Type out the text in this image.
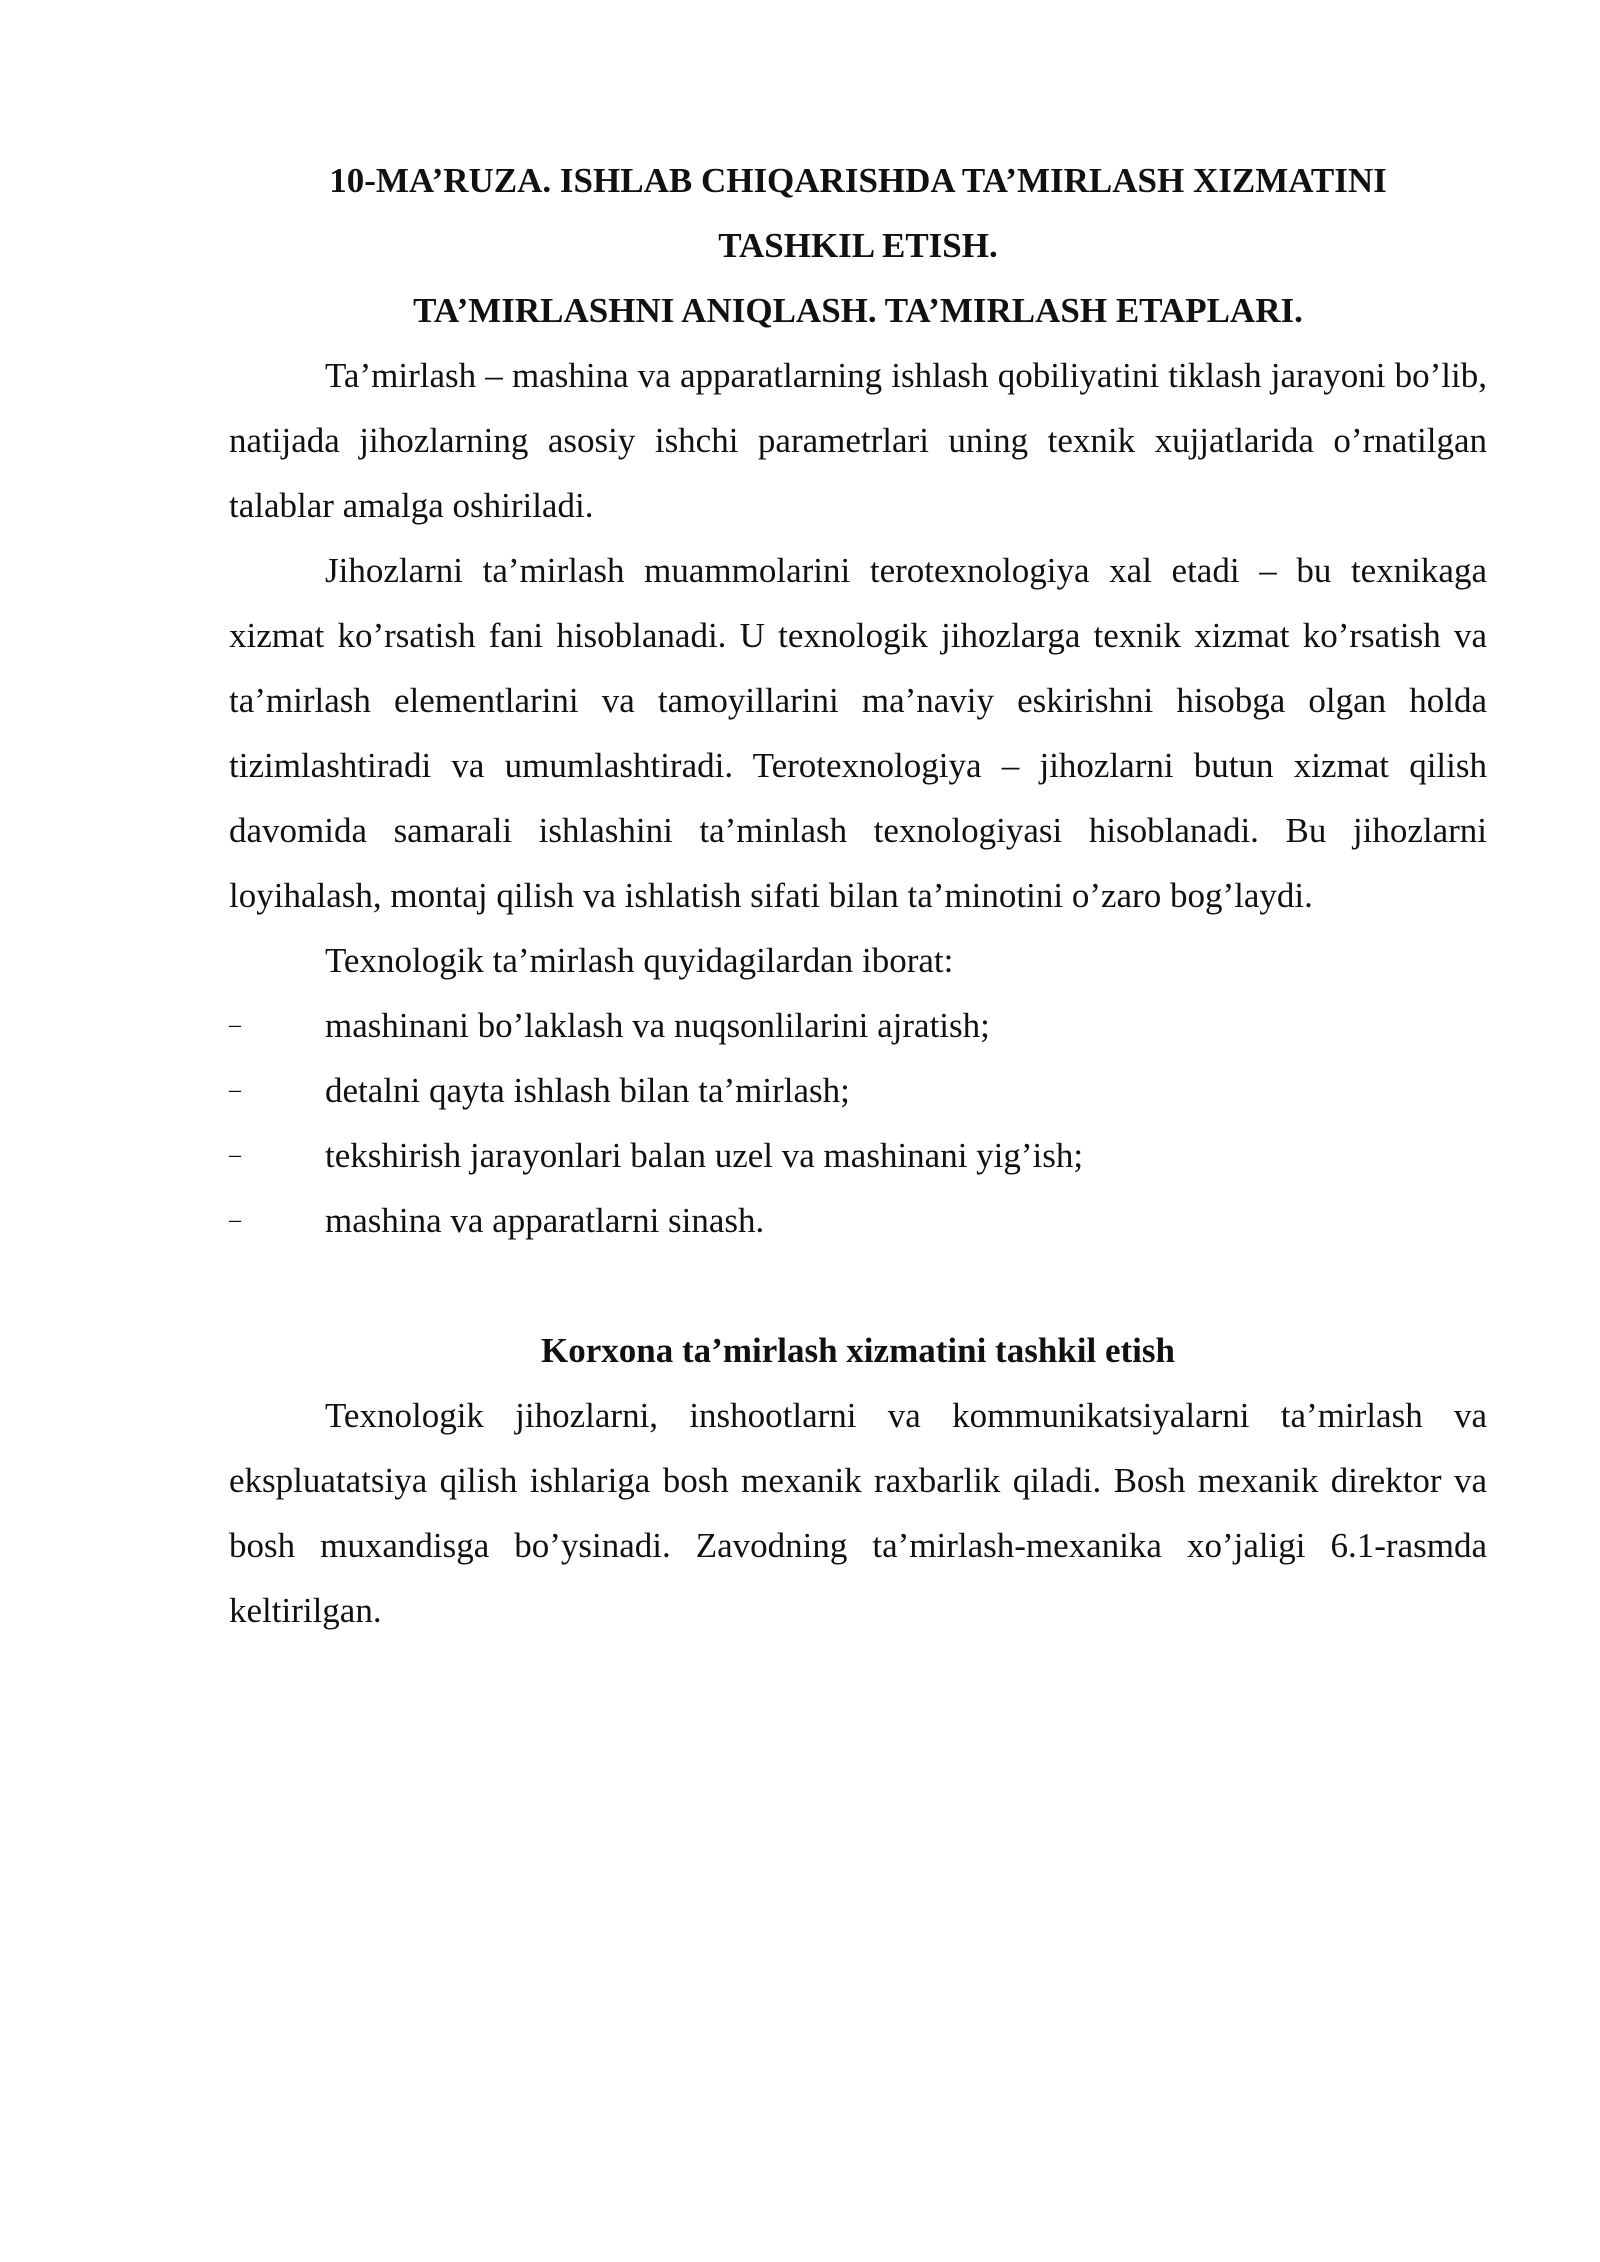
10-MA’RUZA. ISHLAB CHIQARISHDA TA’MIRLASH XIZMATINI

TASHKIL ETISH.

TA’MIRLASHNI ANIQLASH. TA’MIRLASH ETAPLARI.

Ta’mirlash – mashina va apparatlarning ishlash qobiliyatini tiklash jarayoni bo’lib, natijada jihozlarning asosiy ishchi parametrlari uning texnik xujjatlarida o’rnatilgan talablar amalga oshiriladi.

Jihozlarni ta’mirlash muammolarini terotexnologiya xal etadi – bu texnikaga xizmat ko’rsatish fani hisoblanadi. U texnologik jihozlarga texnik xizmat ko’rsatish va ta’mirlash elementlarini va tamoyillarini ma’naviy eskirishni hisobga olgan holda tizimlashtiradi va umumlashtiradi. Terotexnologiya – jihozlarni butun xizmat qilish davomida samarali ishlashini ta’minlash texnologiyasi hisoblanadi. Bu jihozlarni loyihalash, montaj qilish va ishlatish sifati bilan ta’minotini o’zaro bog’laydi.

Texnologik ta’mirlash quyidagilardan iborat:

–	mashinani bo’laklash va nuqsonlilarini ajratish;
–	detalni qayta ishlash bilan ta’mirlash;
–	tekshirish jarayonlari balan uzel va mashinani yig’ish;
–	mashina va apparatlarni sinash.

Korxona ta’mirlash xizmatini tashkil etish

Texnologik jihozlarni, inshootlarni va kommunikatsiyalarni ta’mirlash va ekspluatatsiya qilish ishlariga bosh mexanik raxbarlik qiladi. Bosh mexanik direktor va bosh muxandisga bo’ysinadi. Zavodning ta’mirlash-mexanika xo’jaligi 6.1-rasmda keltirilgan.
